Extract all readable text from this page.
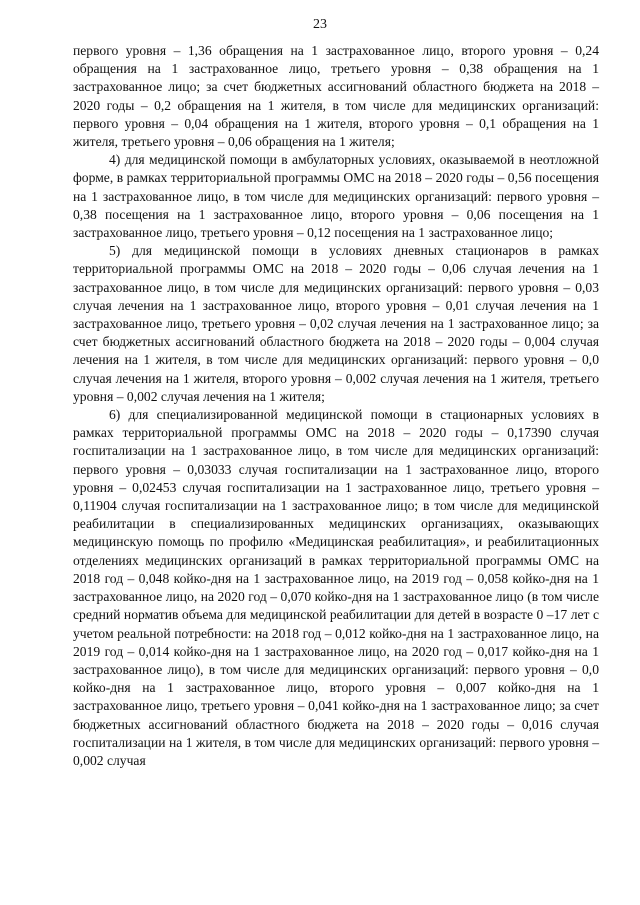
23

первого уровня – 1,36 обращения на 1 застрахованное лицо, второго уровня – 0,24 обращения на 1 застрахованное лицо, третьего уровня – 0,38 обращения на 1 застрахованное лицо; за счет бюджетных ассигнований областного бюджета на 2018 – 2020 годы – 0,2 обращения на 1 жителя, в том числе для медицинских организаций: первого уровня – 0,04 обращения на 1 жителя, второго уровня – 0,1 обращения на 1 жителя, третьего уровня – 0,06 обращения на 1 жителя;

4) для медицинской помощи в амбулаторных условиях, оказываемой в неотложной форме, в рамках территориальной программы ОМС на 2018 – 2020 годы – 0,56 посещения на 1 застрахованное лицо, в том числе для медицинских организаций: первого уровня – 0,38 посещения на 1 застрахованное лицо, второго уровня – 0,06 посещения на 1 застрахованное лицо, третьего уровня – 0,12 посещения на 1 застрахованное лицо;

5) для медицинской помощи в условиях дневных стационаров в рамках территориальной программы ОМС на 2018 – 2020 годы – 0,06 случая лечения на 1 застрахованное лицо, в том числе для медицинских организаций: первого уровня – 0,03 случая лечения на 1 застрахованное лицо, второго уровня – 0,01 случая лечения на 1 застрахованное лицо, третьего уровня – 0,02 случая лечения на 1 застрахованное лицо; за счет бюджетных ассигнований областного бюджета на 2018 – 2020 годы – 0,004 случая лечения на 1 жителя, в том числе для медицинских организаций: первого уровня – 0,0 случая лечения на 1 жителя, второго уровня – 0,002 случая лечения на 1 жителя, третьего уровня – 0,002 случая лечения на 1 жителя;

6) для специализированной медицинской помощи в стационарных условиях в рамках территориальной программы ОМС на 2018 – 2020 годы – 0,17390 случая госпитализации на 1 застрахованное лицо, в том числе для медицинских организаций: первого уровня – 0,03033 случая госпитализации на 1 застрахованное лицо, второго уровня – 0,02453 случая госпитализации на 1 застрахованное лицо, третьего уровня – 0,11904 случая госпитализации на 1 застрахованное лицо; в том числе для медицинской реабилитации в специализированных медицинских организациях, оказывающих медицинскую помощь по профилю «Медицинская реабилитация», и реабилитационных отделениях медицинских организаций в рамках территориальной программы ОМС на 2018 год – 0,048 койко-дня на 1 застрахованное лицо, на 2019 год – 0,058 койко-дня на 1 застрахованное лицо, на 2020 год – 0,070 койко-дня на 1 застрахованное лицо (в том числе средний норматив объема для медицинской реабилитации для детей в возрасте 0 –17 лет с учетом реальной потребности: на 2018 год – 0,012 койко-дня на 1 застрахованное лицо, на 2019 год – 0,014 койко-дня на 1 застрахованное лицо, на 2020 год – 0,017 койко-дня на 1 застрахованное лицо), в том числе для медицинских организаций: первого уровня – 0,0 койко-дня на 1 застрахованное лицо, второго уровня – 0,007 койко-дня на 1 застрахованное лицо, третьего уровня – 0,041 койко-дня на 1 застрахованное лицо; за счет бюджетных ассигнований областного бюджета на 2018 – 2020 годы – 0,016 случая госпитализации на 1 жителя, в том числе для медицинских организаций: первого уровня – 0,002 случая
